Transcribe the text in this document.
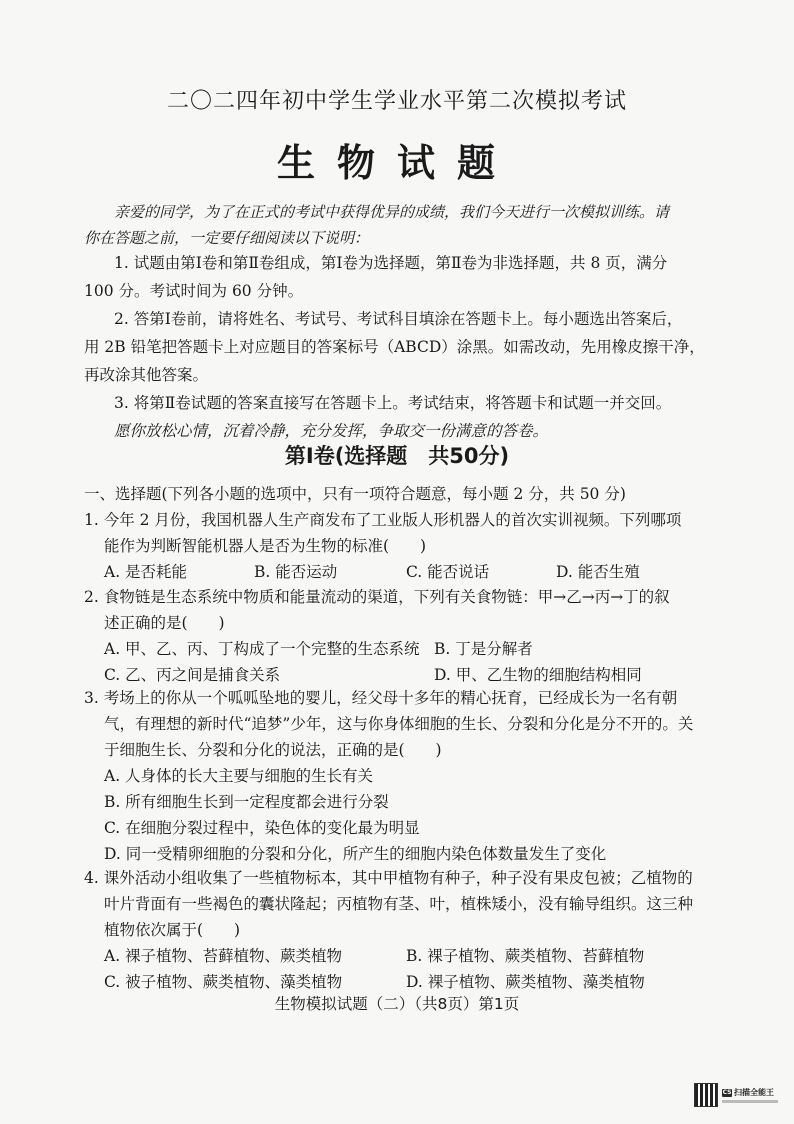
二〇二四年初中学生学业水平第二次模拟考试
生物试题
亲爱的同学，为了在正式的考试中获得优异的成绩，我们今天进行一次模拟训练。请
你在答题之前，一定要仔细阅读以下说明：
1. 试题由第Ⅰ卷和第Ⅱ卷组成，第Ⅰ卷为选择题，第Ⅱ卷为非选择题，共 8 页，满分
100 分。考试时间为 60 分钟。
2. 答第Ⅰ卷前，请将姓名、考试号、考试科目填涂在答题卡上。每小题选出答案后，
用 2B 铅笔把答题卡上对应题目的答案标号（ABCD）涂黑。如需改动，先用橡皮擦干净，
再改涂其他答案。
3. 将第Ⅱ卷试题的答案直接写在答题卡上。考试结束，将答题卡和试题一并交回。
愿你放松心情，沉着冷静，充分发挥，争取交一份满意的答卷。
第Ⅰ卷(选择题　共50分)
一、选择题(下列各小题的选项中，只有一项符合题意，每小题 2 分，共 50 分)
1. 今年 2 月份，我国机器人生产商发布了工业版人形机器人的首次实训视频。下列哪项
能作为判断智能机器人是否为生物的标准(　　)
A. 是否耗能	B. 能否运动	C. 能否说话	D. 能否生殖
2. 食物链是生态系统中物质和能量流动的渠道，下列有关食物链：甲→乙→丙→丁的叙
述正确的是(　　)
A. 甲、乙、丙、丁构成了一个完整的生态系统 B. 丁是分解者
C. 乙、丙之间是捕食关系	D. 甲、乙生物的细胞结构相同
3. 考场上的你从一个呱呱坠地的婴儿，经父母十多年的精心抚育，已经成长为一名有朝
气，有理想的新时代“追梦”少年，这与你身体细胞的生长、分裂和分化是分不开的。关
于细胞生长、分裂和分化的说法，正确的是(　　)
A. 人身体的长大主要与细胞的生长有关
B. 所有细胞生长到一定程度都会进行分裂
C. 在细胞分裂过程中，染色体的变化最为明显
D. 同一受精卵细胞的分裂和分化，所产生的细胞内染色体数量发生了变化
4. 课外活动小组收集了一些植物标本，其中甲植物有种子，种子没有果皮包被；乙植物的
叶片背面有一些褐色的囊状隆起；丙植物有茎、叶，植株矮小，没有输导组织。这三种
植物依次属于(　　)
A. 裸子植物、苔藓植物、蕨类植物	B. 裸子植物、蕨类植物、苔藓植物
C. 被子植物、蕨类植物、藻类植物	D. 裸子植物、蕨类植物、藻类植物
生物模拟试题（二）（共8页）第1页
CS 扫描全能王
